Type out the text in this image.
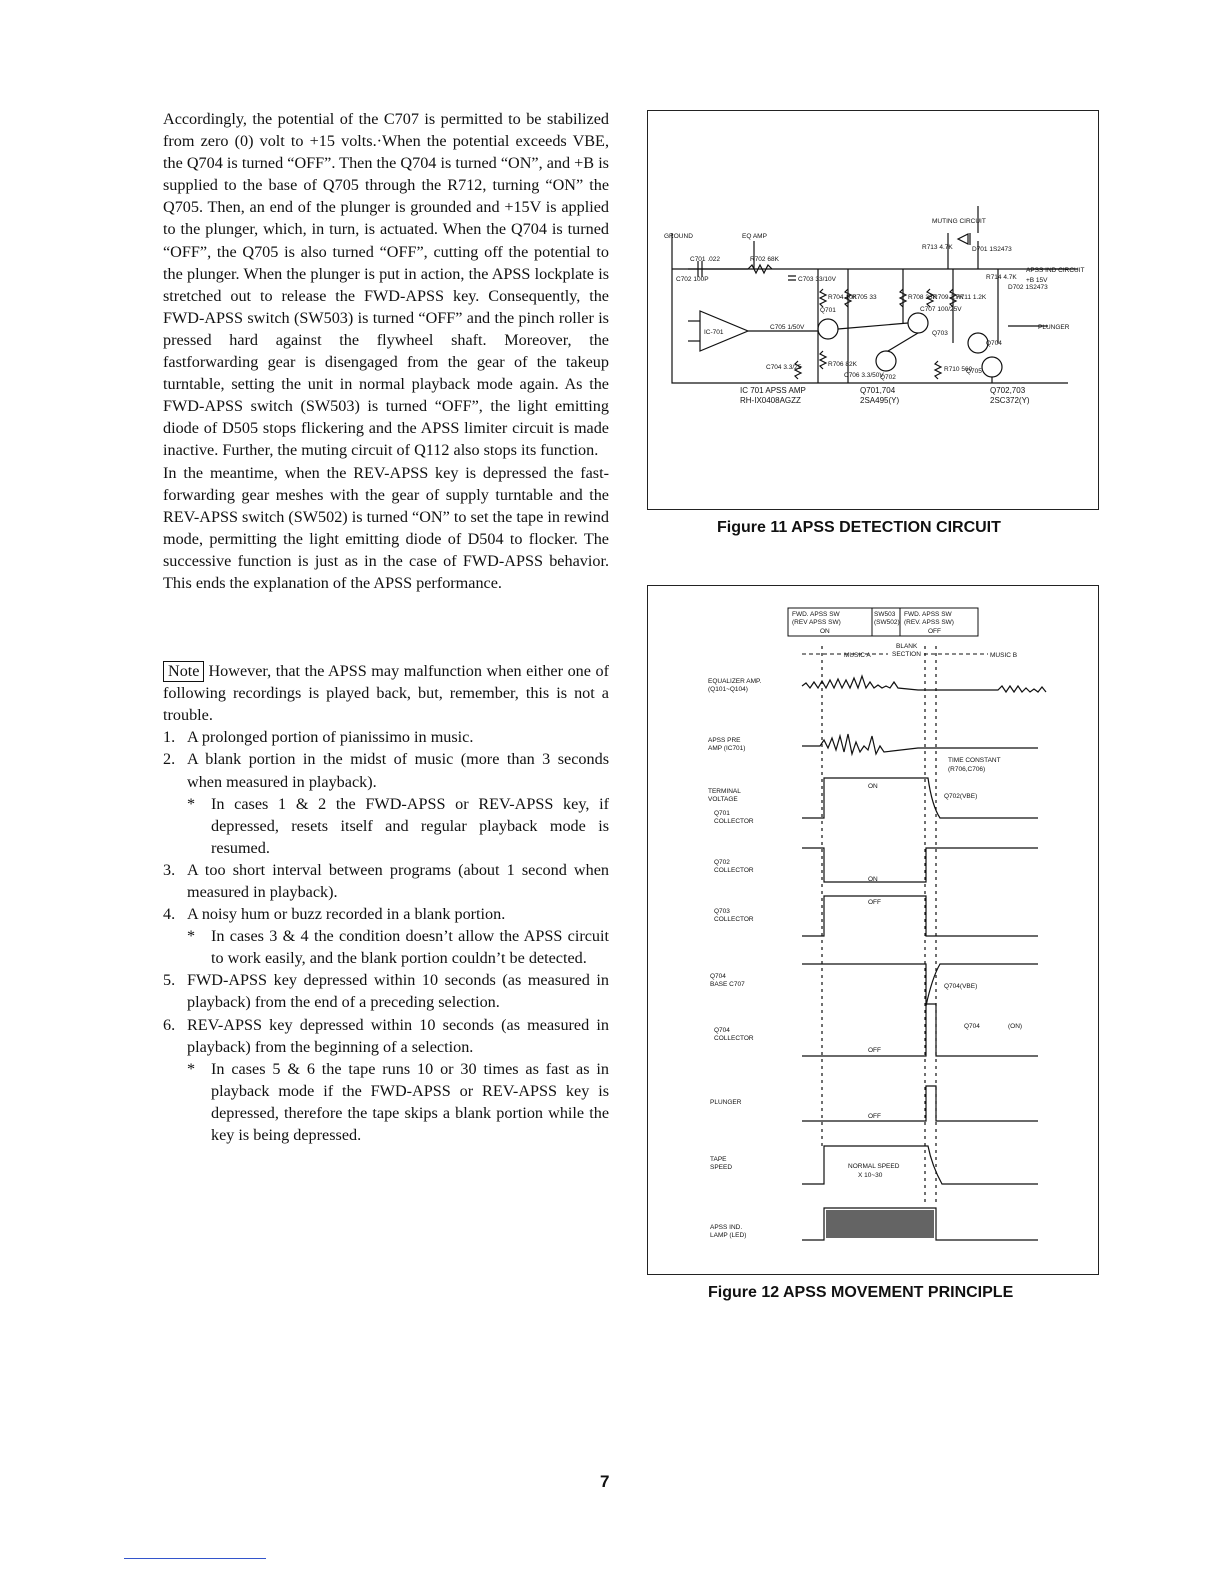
Accordingly, the potential of the C707 is permitted to be stabilized from zero (0) volt to +15 volts.·When the potential exceeds VBE, the Q704 is turned “OFF”. Then the Q704 is turned “ON”, and +B is supplied to the base of Q705 through the R712, turning “ON” the Q705. Then, an end of the plunger is grounded and +15V is applied to the plunger, which, in turn, is actuated. When the Q704 is turned “OFF”, the Q705 is also turned “OFF”, cutting off the potential to the plunger. When the plunger is put in action, the APSS lockplate is stretched out to release the FWD-APSS key. Consequently, the FWD-APSS switch (SW503) is turned “OFF” and the pinch roller is pressed hard against the flywheel shaft. Moreover, the fastforwarding gear is disengaged from the gear of the takeup turntable, setting the unit in normal playback mode again. As the FWD-APSS switch (SW503) is turned “OFF”, the light emitting diode of D505 stops flickering and the APSS limiter circuit is made inactive. Further, the muting circuit of Q112 also stops its function.

In the meantime, when the REV-APSS key is depressed the fast-forwarding gear meshes with the gear of supply turntable and the REV-APSS switch (SW502) is turned “ON” to set the tape in rewind mode, permitting the light emitting diode of D504 to flocker. The successive function is just as in the case of FWD-APSS behavior. This ends the explanation of the APSS performance.

Note However, that the APSS may malfunction when either one of following recordings is played back, but, remember, this is not a trouble.

1. A prolonged portion of pianissimo in music.
2. A blank portion in the midst of music (more than 3 seconds when measured in playback).
* In cases 1 & 2 the FWD-APSS or REV-APSS key, if depressed, resets itself and regular playback mode is resumed.
3. A too short interval between programs (about 1 second when measured in playback).
4. A noisy hum or buzz recorded in a blank portion.
* In cases 3 & 4 the condition doesn’t allow the APSS circuit to work easily, and the blank portion couldn’t be detected.
5. FWD-APSS key depressed within 10 seconds (as measured in playback) from the end of a preceding selection.
6. REV-APSS key depressed within 10 seconds (as measured in playback) from the beginning of a selection.
* In cases 5 & 6 the tape runs 10 or 30 times as fast as in playback mode if the FWD-APSS or REV-APSS key is depressed, therefore the tape skips a blank portion while the key is being depressed.
MUTING CIRCUIT
GROUND	EQ AMP
APSS IND CIRCUIT
+B 15V
PLUNGER
IC-701
C701 .022
C702 100P
R702 68K
C703 33/10V
R704 10K
R705 33
Q701
R706 82K
C706 3.3/50V
Q702
R708 33K
R709 2.7K
R711 1.2K
C707 100/25V
Q703
R710 560
R713 4.7K	D701 1S2473
D702 1S2473
R714 4.7K
Q704
Q705
C704 3.3/25
C705 1/50V
IC 701 APSS AMP
RH-IX0408AGZZ
Q701,704
2SA495(Y)
Q702,703
2SC372(Y)
Figure 11 APSS DETECTION CIRCUIT
FWD. APSS SW
(REV APSS SW)
ON
SW503
(SW502)
FWD. APSS SW
(REV. APSS SW)
OFF
MUSIC A
BLANK
SECTION	MUSIC B
EQUALIZER AMP.
(Q101~Q104)
APSS PRE
AMP (IC701)
TERMINAL
VOLTAGE
Q701
COLLECTOR
Q702
COLLECTOR
Q703
COLLECTOR
Q704
BASE C707
Q704
COLLECTOR
PLUNGER
TAPE
SPEED
APSS IND.
LAMP (LED)
TIME CONSTANT
(R706,C706)
Q702(VBE)
Q704(VBE)
Q704	(ON)
ON
ON
OFF
OFF
OFF
NORMAL SPEED
X 10~30
Figure 12 APSS MOVEMENT PRINCIPLE
7
